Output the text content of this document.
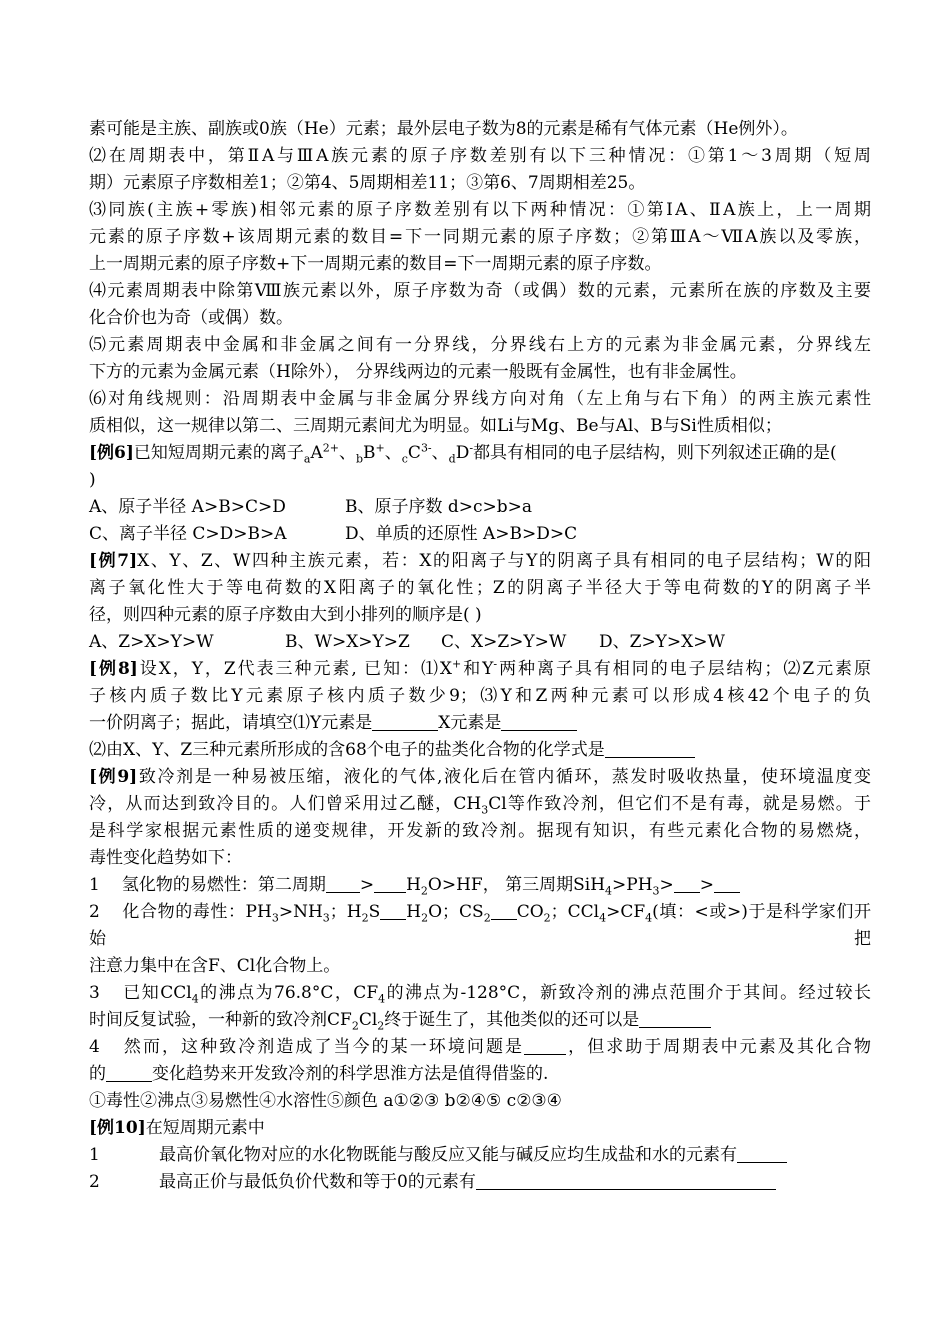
素可能是主族、副族或0族（He）元素；最外层电子数为8的元素是稀有气体元素（He例外）。
⑵在周期表中，第ⅡA与ⅢA族元素的原子序数差别有以下三种情况：①第1～3周期（短周
期）元素原子序数相差1；②第4、5周期相差11；③第6、7周期相差25。
⑶同族(主族+零族)相邻元素的原子序数差别有以下两种情况：①第ⅠA、ⅡA族上，上一周期
元素的原子序数+该周期元素的数目=下一同期元素的原子序数；②第ⅢA～ⅦA族以及零族，
上一周期元素的原子序数+下一周期元素的数目=下一周期元素的原子序数。
⑷元素周期表中除第Ⅷ族元素以外，原子序数为奇（或偶）数的元素，元素所在族的序数及主要
化合价也为奇（或偶）数。
⑸元素周期表中金属和非金属之间有一分界线，分界线右上方的元素为非金属元素，分界线左
下方的元素为金属元素（H除外）， 分界线两边的元素一般既有金属性，也有非金属性。
⑹对角线规则：沿周期表中金属与非金属分界线方向对角（左上角与右下角）的两主族元素性
质相似，这一规律以第二、三周期元素间尤为明显。如Li与Mg、Be与Al、B与Si性质相似；
[例6]已知短周期元素的离子$_aA^{2+}$、$_b$B+、$_cC^{3-}$、$_d$D-都具有相同的电子层结构，则下列叙述正确的是(
)
A、原子半径 A>B>C>D	B、原子序数 d>c>b>a
C、离子半径 C>D>B>A	D、单质的还原性 A>B>D>C
[例7]X、Y、Z、W四种主族元素，若：X的阳离子与Y的阴离子具有相同的电子层结构；W的阳
离子氧化性大于等电荷数的X阳离子的氧化性；Z的阴离子半径大于等电荷数的Y的阴离子半
径，则四种元素的原子序数由大到小排列的顺序是( )
A、Z>X>Y>W	B、W>X>Y>Z C、X>Z>Y>W D、Z>Y>X>W
[例8]设X，Y，Z代表三种元素, 已知：⑴X+和Y-两种离子具有相同的电子层结构；⑵Z元素原
子核内质子数比Y元素原子核内质子数少9；⑶Y和Z两种元素可以形成4核42个电子的负
一价阴离子；据此，请填空⑴Y元素是	X元素是
⑵由X、Y、Z三种元素所形成的含68个电子的盐类化合物的化学式是
[例9]致冷剂是一种易被压缩，液化的气体,液化后在管内循环，蒸发时吸收热量，使环境温度变
冷，从而达到致冷目的。人们曾采用过乙醚，$CH_3Cl$等作致冷剂，但它们不是有毒，就是易燃。于
是科学家根据元素性质的递变规律，开发新的致冷剂。据现有知识，有些元素化合物的易燃烧，
毒性变化趋势如下：
1 氢化物的易燃性：第二周期 > $H_2O>HF$， 第三周期$SiH_4>PH_3>$ >
2 化合物的毒性：$PH_3>NH_3$；$H_2S$ $H_2O$；$CS_2$ $CO_2$；$CCl_4>CF_4$(填：<或>)于是科学家们开始把
注意力集中在含F、Cl化合物上。
3 已知CCl$_4$的沸点为76.8°C，$CF_4$的沸点为-128°C，新致冷剂的沸点范围介于其间。经过较长
时间反复试验，一种新的致冷剂$CF_2Cl_2$终于诞生了，其他类似的还可以是
4 然而，这种致冷剂造成了当今的某一环境问题是 ，但求助于周期表中元素及其化合物
的	变化趋势来开发致冷剂的科学思淮方法是值得借鉴的.
①毒性②沸点③易燃性④水溶性⑤颜色 a①②③ b②④⑤ c②③④
[例10]在短周期元素中
1	最高价氧化物对应的水化物既能与酸反应又能与碱反应均生成盐和水的元素有
2	最高正价与最低负价代数和等于0的元素有
